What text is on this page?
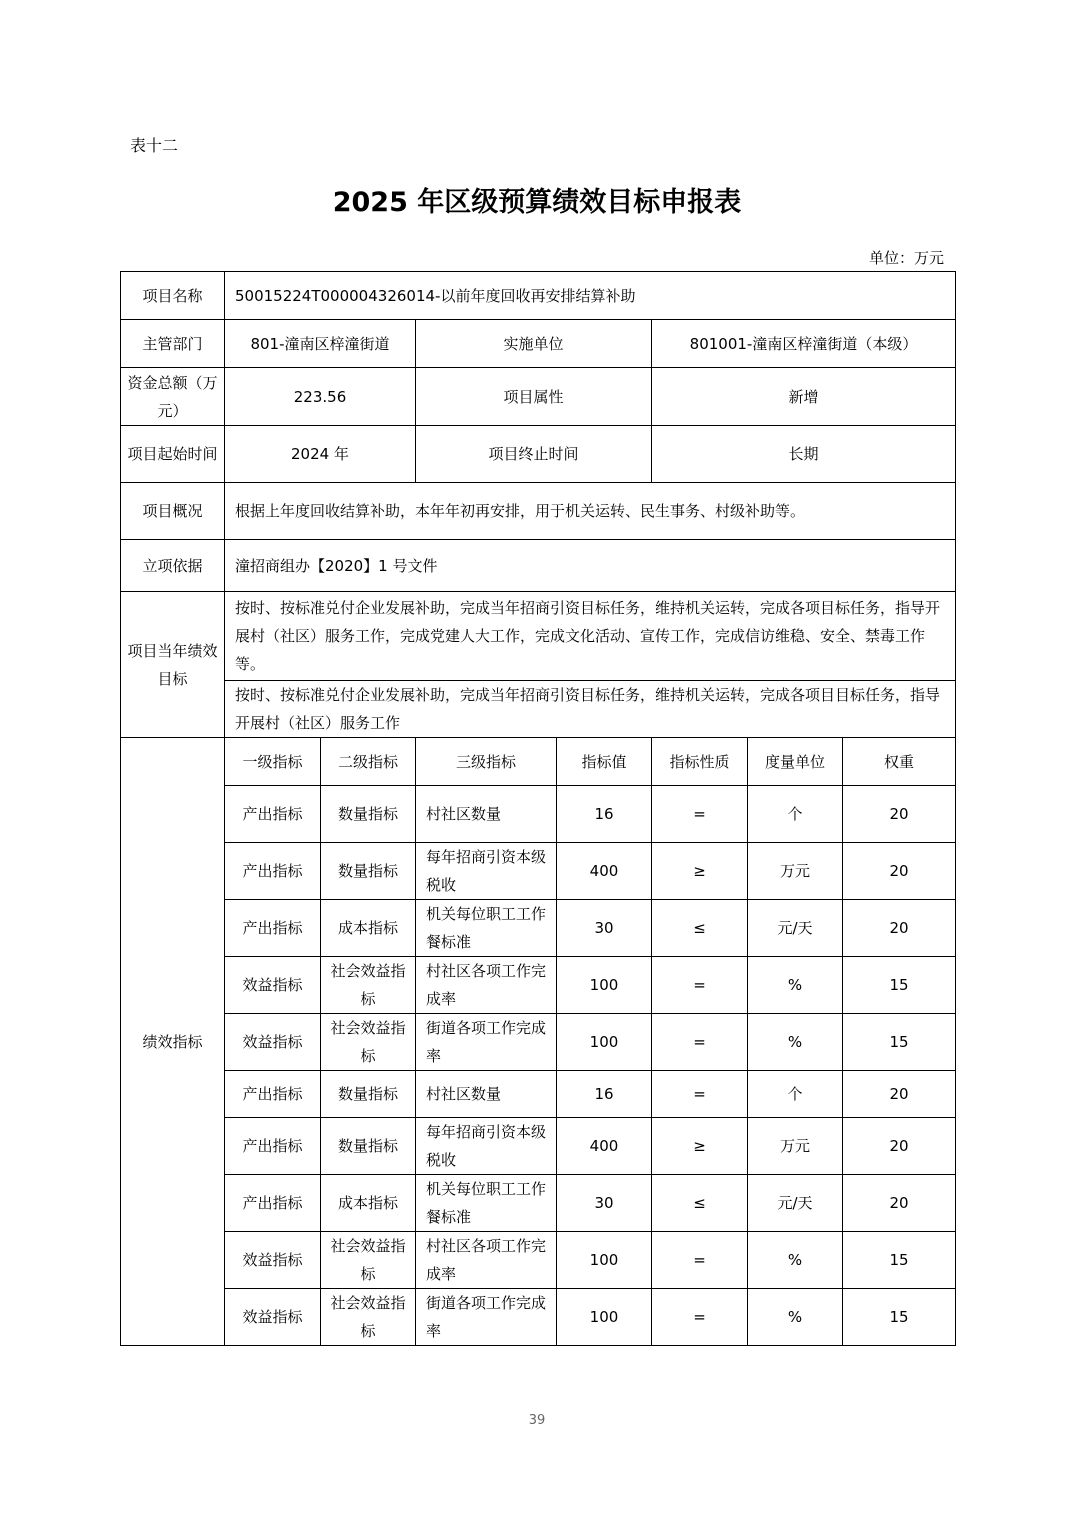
表十二
2025 年区级预算绩效目标申报表
单位：万元
项目名称	50015224T000004326014-以前年度回收再安排结算补助						
主管部门	801-潼南区梓潼街道		实施单位		801001-潼南区梓潼街道（本级）		
资金总额（万元）	223.56		项目属性		新增		
项目起始时间	2024 年		项目终止时间		长期		
项目概况	根据上年度回收结算补助，本年年初再安排，用于机关运转、民生事务、村级补助等。						
立项依据	潼招商组办【2020】1 号文件						
项目当年绩效目标	按时、按标准兑付企业发展补助，完成当年招商引资目标任务，维持机关运转，完成各项目标任务，指导开展村（社区）服务工作，完成党建人大工作，完成文化活动、宣传工作，完成信访维稳、安全、禁毒工作等。						
	按时、按标准兑付企业发展补助，完成当年招商引资目标任务，维持机关运转，完成各项目目标任务，指导开展村（社区）服务工作						
绩效指标	一级指标	二级指标	三级指标	指标值	指标性质	度量单位	权重
	产出指标	数量指标	村社区数量	16	=	个	20
	产出指标	数量指标	每年招商引资本级税收	400	≥	万元	20
	产出指标	成本指标	机关每位职工工作餐标准	30	≤	元/天	20
	效益指标	社会效益指标	村社区各项工作完成率	100	=	%	15
	效益指标	社会效益指标	街道各项工作完成率	100	=	%	15
	产出指标	数量指标	村社区数量	16	=	个	20
	产出指标	数量指标	每年招商引资本级税收	400	≥	万元	20
	产出指标	成本指标	机关每位职工工作餐标准	30	≤	元/天	20
	效益指标	社会效益指标	村社区各项工作完成率	100	=	%	15
	效益指标	社会效益指标	街道各项工作完成率	100	=	%	15
39
